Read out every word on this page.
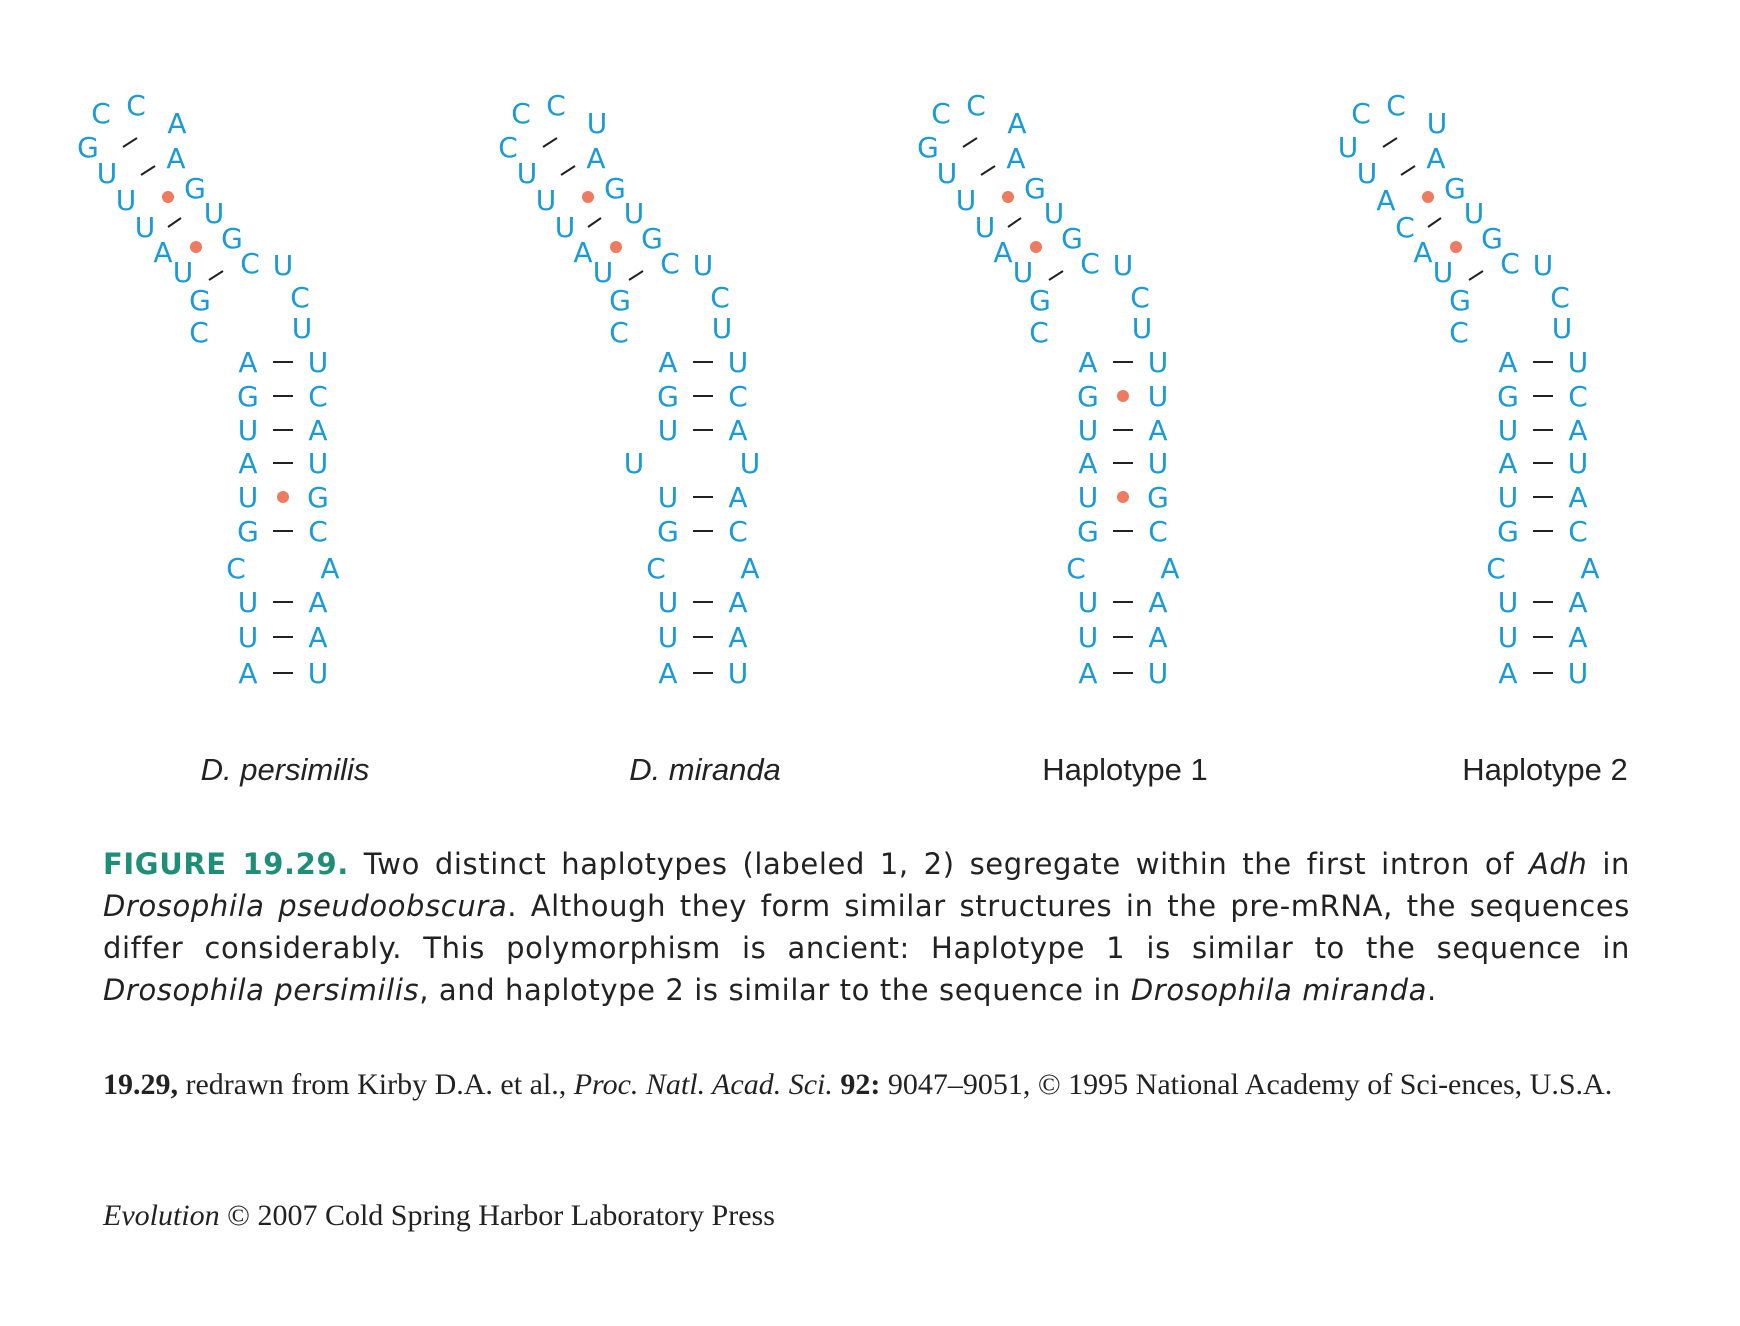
C C
A
A
G
U
G
C U
C
U
G
U
U
U
A
U
G
C
A U
G C
U A
A U
U G
G C
C	A
U A
U A
A U
D. persimilis
C C
U
A
G
U
G
C U
C
U
C
U
U
U
A
U
G
C
A U
G C
U A
U	U
U A
G C
C	A
U A
U A
A U
D. miranda
C C
A
A
G
U
G
C U
C
U
G
U
U
U
A
U
G
C
A U
G U
U A
A U
U G
G C
C	A
U A
U A
A U
Haplotype 1
C C
U
A
G
U
G
C U
C
U
U
U
A
C
A
U
G
C
A U
G C
U A
A U
U A
G C
C	A
U A
U A
A U
Haplotype 2
FIGURE 19.29. Two distinct haplotypes (labeled 1, 2) segregate within the first intron of Adh in Drosophila pseudoobscura. Although they form similar structures in the pre-mRNA, the sequences differ considerably. This polymorphism is ancient: Haplotype 1 is similar to the sequence in Drosophila persimilis, and haplotype 2 is similar to the sequence in Drosophila miranda.
19.29, redrawn from Kirby D.A. et al., Proc. Natl. Acad. Sci. 92: 9047–9051, © 1995 National Academy of Sci-ences, U.S.A.
Evolution © 2007 Cold Spring Harbor Laboratory Press
